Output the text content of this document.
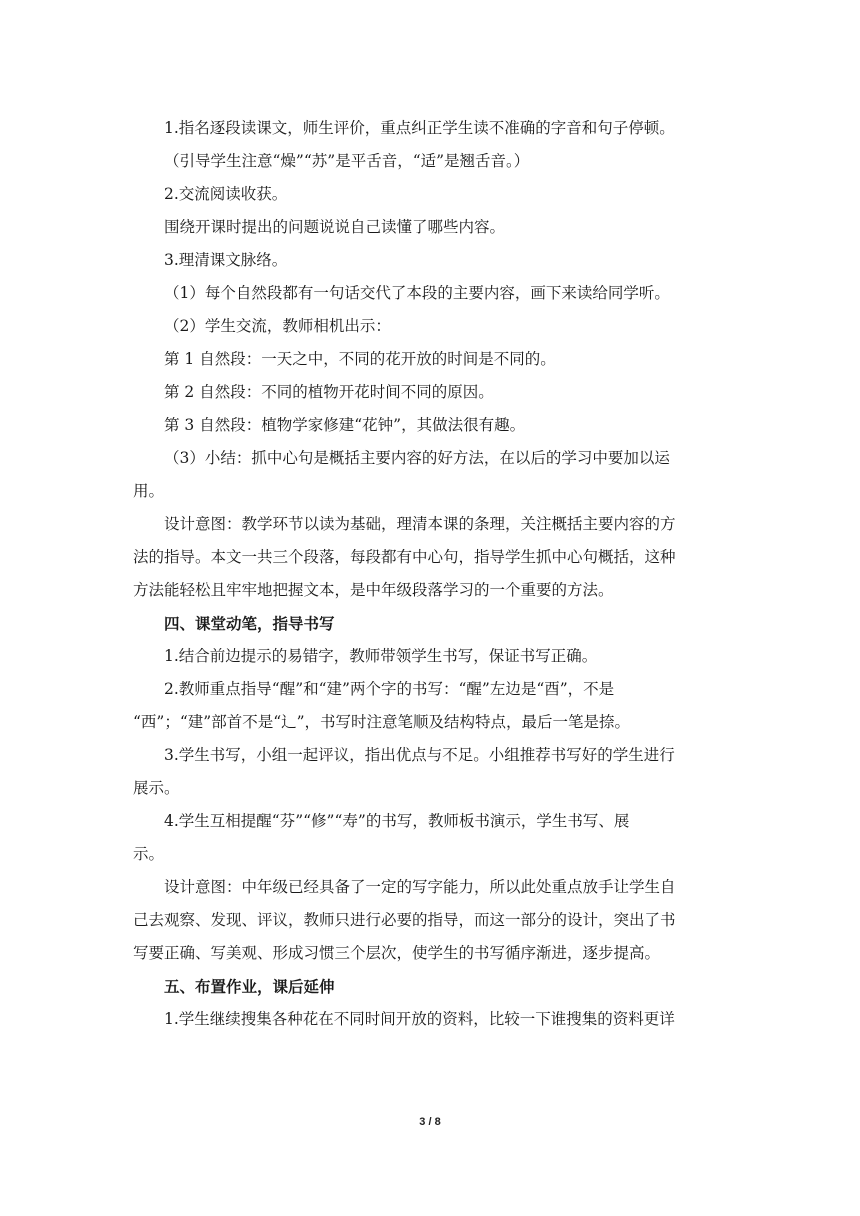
1.指名逐段读课文，师生评价，重点纠正学生读不准确的字音和句子停顿。
（引导学生注意“燥”“苏”是平舌音，“适”是翘舌音。）
2.交流阅读收获。
围绕开课时提出的问题说说自己读懂了哪些内容。
3.理清课文脉络。
（1）每个自然段都有一句话交代了本段的主要内容，画下来读给同学听。
（2）学生交流，教师相机出示：
第 1 自然段：一天之中，不同的花开放的时间是不同的。
第 2 自然段：不同的植物开花时间不同的原因。
第 3 自然段：植物学家修建“花钟”，其做法很有趣。
（3）小结：抓中心句是概括主要内容的好方法，在以后的学习中要加以运
用。
设计意图：教学环节以读为基础，理清本课的条理，关注概括主要内容的方
法的指导。本文一共三个段落，每段都有中心句，指导学生抓中心句概括，这种
方法能轻松且牢牢地把握文本，是中年级段落学习的一个重要的方法。
四、课堂动笔，指导书写
1.结合前边提示的易错字，教师带领学生书写，保证书写正确。
2.教师重点指导“醒”和“建”两个字的书写：“醒”左边是“酉”，不是
“西”；“建”部首不是“辶”，书写时注意笔顺及结构特点，最后一笔是捺。
3.学生书写，小组一起评议，指出优点与不足。小组推荐书写好的学生进行
展示。
4.学生互相提醒“芬”“修”“寿”的书写，教师板书演示，学生书写、展
示。
设计意图：中年级已经具备了一定的写字能力，所以此处重点放手让学生自
己去观察、发现、评议，教师只进行必要的指导，而这一部分的设计，突出了书
写要正确、写美观、形成习惯三个层次，使学生的书写循序渐进，逐步提高。
五、布置作业，课后延伸
1.学生继续搜集各种花在不同时间开放的资料，比较一下谁搜集的资料更详
3 / 8
